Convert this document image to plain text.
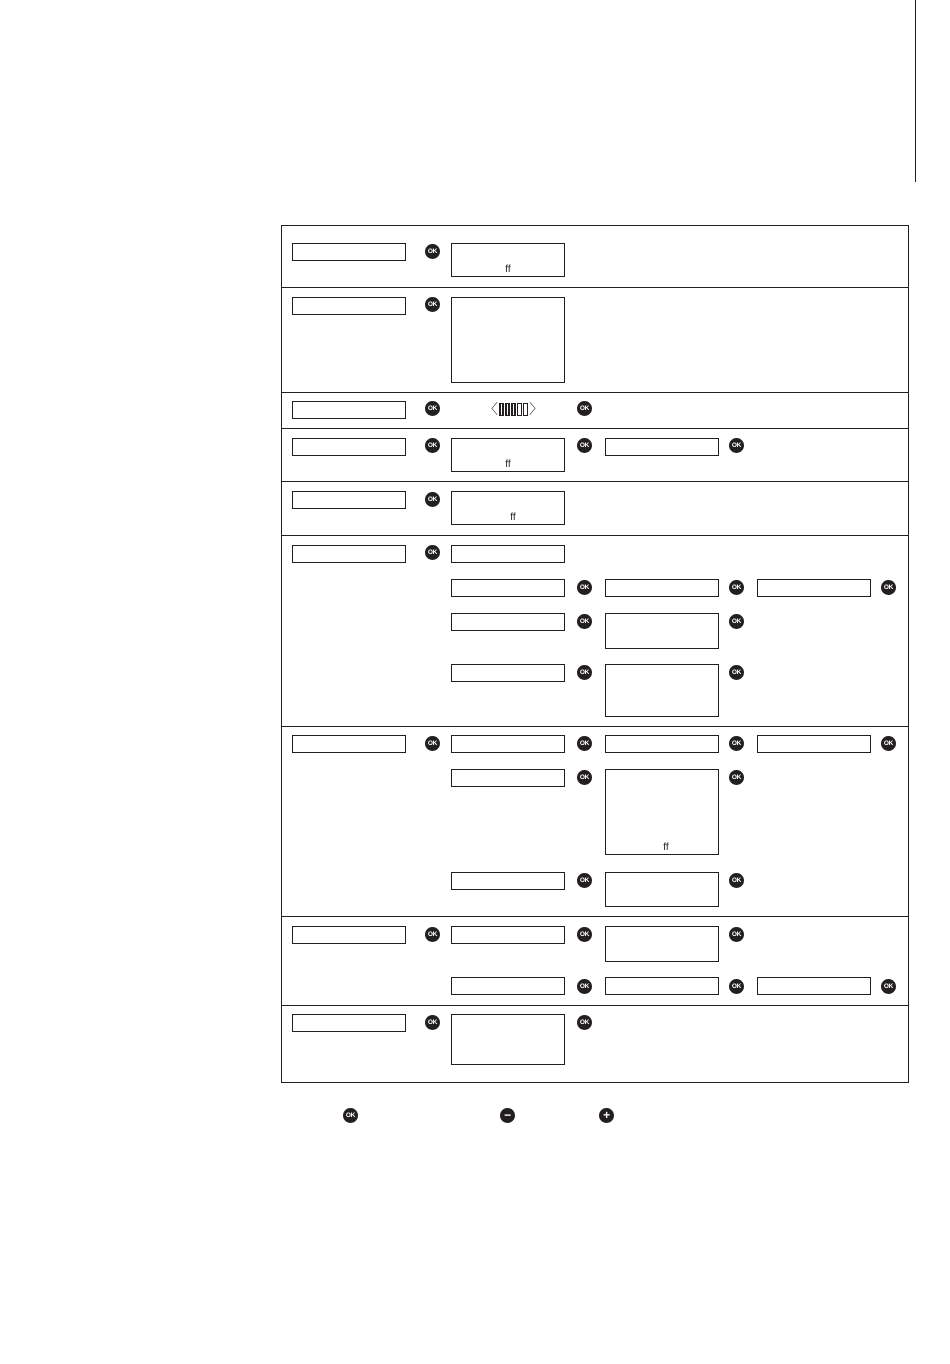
OK
ff
OK
OK	〈 〉	OK
OK
ff
OK	OK
OK
ff
OK
OK	OK	OK
OK	OK
OK	OK
OK	OK	OK	OK
OK
ff
OK
OK	OK
OK	OK	OK
OK	OK	OK
OK	OK
OK	−	+
